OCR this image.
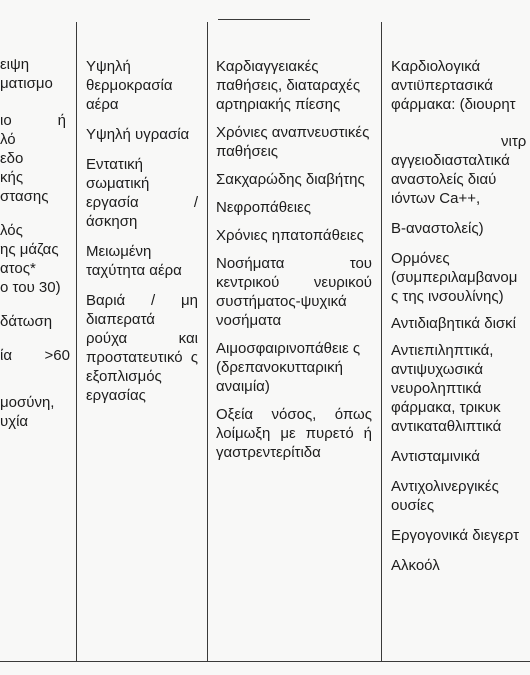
ειψη
ματισμο
ιο ή
λό
εδο
κής
στασης
λός
ης μάζας
ατος*
ο του 30)
δάτωση
ία >60
μοσύνη,
υχία

Υψηλή θερμοκρασία αέρα

Υψηλή υγρασία

Εντατική σωματική εργασία / άσκηση

Μειωμένη ταχύτητα αέρα

Βαριά / μη διαπερατά ρούχα και προστατευτικό ς εξοπλισμός εργασίας

Καρδιαγγειακές παθήσεις, διαταραχές αρτηριακής πίεσης

Χρόνιες αναπνευστικές παθήσεις

Σακχαρώδης διαβήτης

Νεφροπάθειες

Χρόνιες ηπατοπάθειες

Νοσήματα του κεντρικού νευρικού συστήματος-ψυχικά νοσήματα

Αιμοσφαιρινοπάθειε ς (δρεπανοκυτταρική αναιμία)

Οξεία νόσος, όπως λοίμωξη με πυρετό ή γαστρεντερίτιδα

Καρδιολογικά
αντιϋπερτασικά
φάρμακα: (διουρητ
νιτρ
αγγειοδιασταλτικά
αναστολείς διαύ
ιόντων Ca++,
Β-αναστολείς)
Ορμόνες
(συμπεριλαμβανομ
ς της ινσουλίνης)
Αντιδιαβητικά δισκί
Αντιεπιληπτικά,
αντιψυχωσικά
νευροληπτικά
φάρμακα, τρικυκ
αντικαταθλιπτικά
Αντισταμινικά
Αντιχολινεργικές
ουσίες
Εργογονικά διεγερτ
Αλκοόλ
